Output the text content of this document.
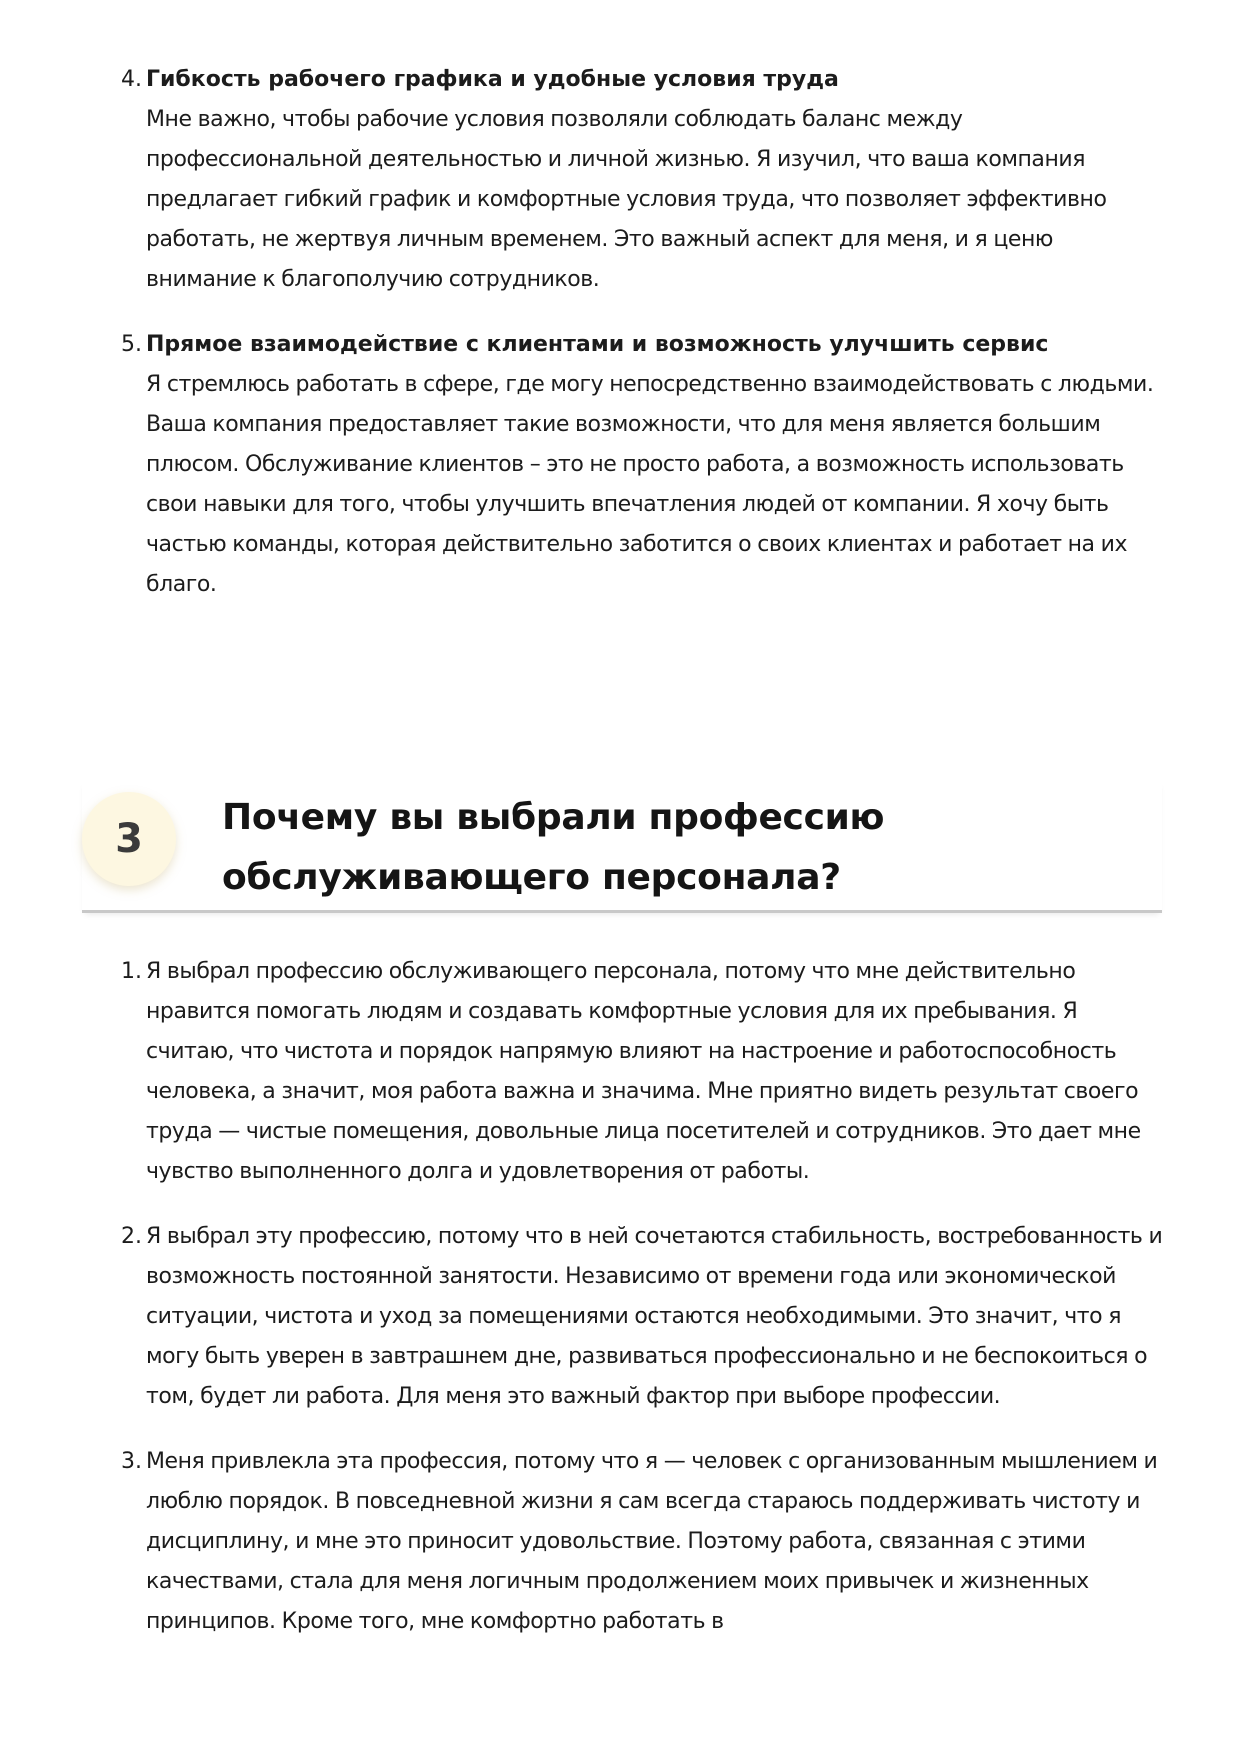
4. Гибкость рабочего графика и удобные условия труда
Мне важно, чтобы рабочие условия позволяли соблюдать баланс между профессиональной деятельностью и личной жизнью. Я изучил, что ваша компания предлагает гибкий график и комфортные условия труда, что позволяет эффективно работать, не жертвуя личным временем. Это важный аспект для меня, и я ценю внимание к благополучию сотрудников.
5. Прямое взаимодействие с клиентами и возможность улучшить сервис
Я стремлюсь работать в сфере, где могу непосредственно взаимодействовать с людьми. Ваша компания предоставляет такие возможности, что для меня является большим плюсом. Обслуживание клиентов – это не просто работа, а возможность использовать свои навыки для того, чтобы улучшить впечатления людей от компании. Я хочу быть частью команды, которая действительно заботится о своих клиентах и работает на их благо.
3	Почему вы выбрали профессию обслуживающего персонала?
1. Я выбрал профессию обслуживающего персонала, потому что мне действительно нравится помогать людям и создавать комфортные условия для их пребывания. Я считаю, что чистота и порядок напрямую влияют на настроение и работоспособность человека, а значит, моя работа важна и значима. Мне приятно видеть результат своего труда — чистые помещения, довольные лица посетителей и сотрудников. Это дает мне чувство выполненного долга и удовлетворения от работы.
2. Я выбрал эту профессию, потому что в ней сочетаются стабильность, востребованность и возможность постоянной занятости. Независимо от времени года или экономической ситуации, чистота и уход за помещениями остаются необходимыми. Это значит, что я могу быть уверен в завтрашнем дне, развиваться профессионально и не беспокоиться о том, будет ли работа. Для меня это важный фактор при выборе профессии.
3. Меня привлекла эта профессия, потому что я — человек с организованным мышлением и люблю порядок. В повседневной жизни я сам всегда стараюсь поддерживать чистоту и дисциплину, и мне это приносит удовольствие. Поэтому работа, связанная с этими качествами, стала для меня логичным продолжением моих привычек и жизненных принципов. Кроме того, мне комфортно работать в
